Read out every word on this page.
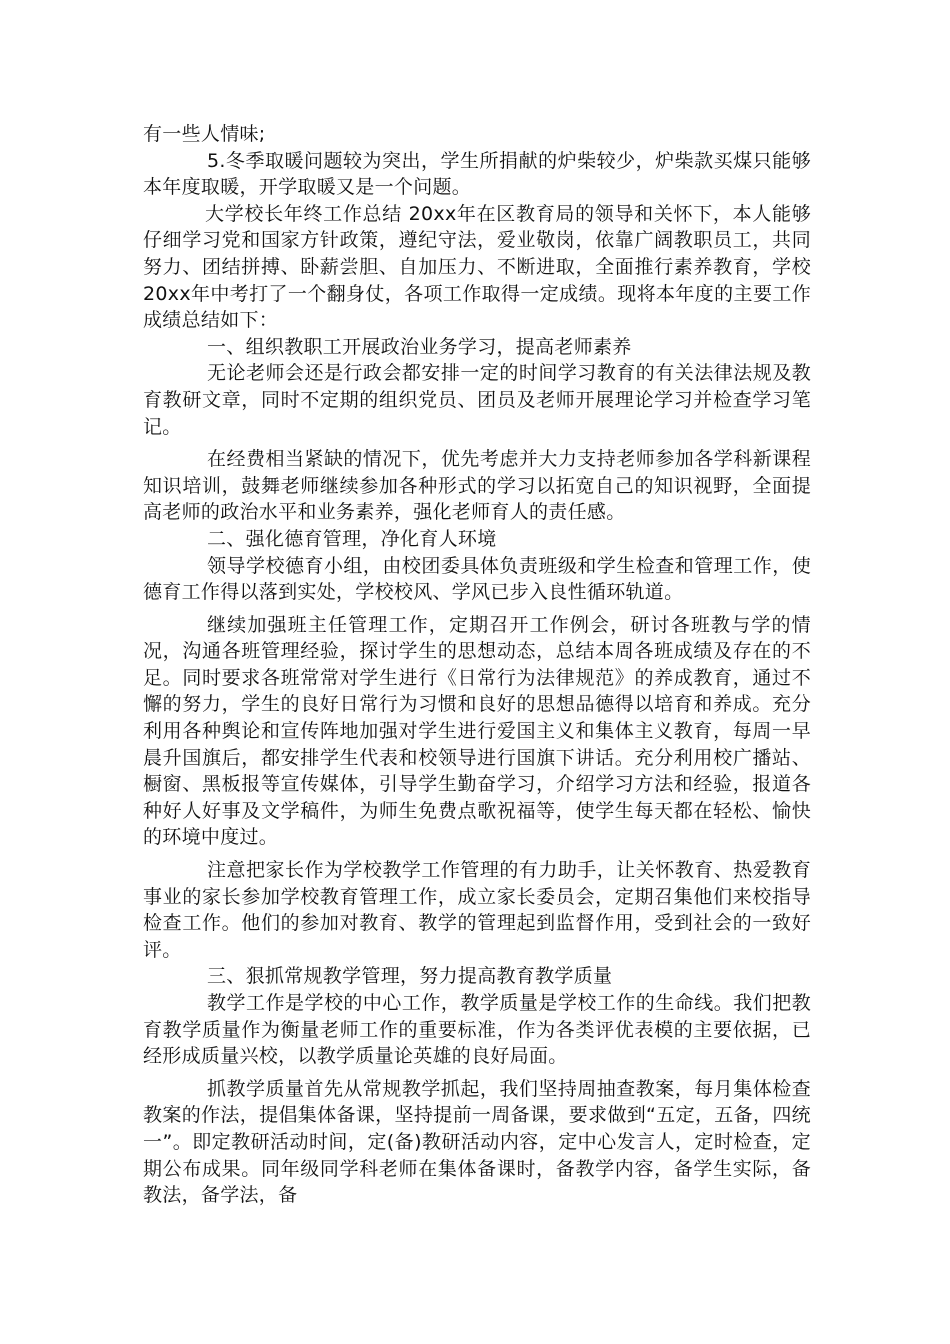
有一些人情味;

5.冬季取暖问题较为突出，学生所捐献的炉柴较少，炉柴款买煤只能够本年度取暖，开学取暖又是一个问题。

大学校长年终工作总结 20xx年在区教育局的领导和关怀下，本人能够仔细学习党和国家方针政策，遵纪守法，爱业敬岗，依靠广阔教职员工，共同努力、团结拼搏、卧薪尝胆、自加压力、不断进取，全面推行素养教育，学校20xx年中考打了一个翻身仗，各项工作取得一定成绩。现将本年度的主要工作成绩总结如下：

一、组织教职工开展政治业务学习，提高老师素养

无论老师会还是行政会都安排一定的时间学习教育的有关法律法规及教育教研文章，同时不定期的组织党员、团员及老师开展理论学习并检查学习笔记。

在经费相当紧缺的情况下，优先考虑并大力支持老师参加各学科新课程知识培训，鼓舞老师继续参加各种形式的学习以拓宽自己的知识视野，全面提高老师的政治水平和业务素养，强化老师育人的责任感。

二、强化德育管理，净化育人环境

领导学校德育小组，由校团委具体负责班级和学生检查和管理工作，使德育工作得以落到实处，学校校风、学风已步入良性循环轨道。

继续加强班主任管理工作，定期召开工作例会，研讨各班教与学的情况，沟通各班管理经验，探讨学生的思想动态，总结本周各班成绩及存在的不足。同时要求各班常常对学生进行《日常行为法律规范》的养成教育，通过不懈的努力，学生的良好日常行为习惯和良好的思想品德得以培育和养成。充分利用各种舆论和宣传阵地加强对学生进行爱国主义和集体主义教育，每周一早晨升国旗后，都安排学生代表和校领导进行国旗下讲话。充分利用校广播站、橱窗、黑板报等宣传媒体，引导学生勤奋学习，介绍学习方法和经验，报道各种好人好事及文学稿件，为师生免费点歌祝福等，使学生每天都在轻松、愉快的环境中度过。

注意把家长作为学校教学工作管理的有力助手，让关怀教育、热爱教育事业的家长参加学校教育管理工作，成立家长委员会，定期召集他们来校指导检查工作。他们的参加对教育、教学的管理起到监督作用，受到社会的一致好评。

三、狠抓常规教学管理，努力提高教育教学质量

教学工作是学校的中心工作，教学质量是学校工作的生命线。我们把教育教学质量作为衡量老师工作的重要标准，作为各类评优表模的主要依据，已经形成质量兴校，以教学质量论英雄的良好局面。

抓教学质量首先从常规教学抓起，我们坚持周抽查教案，每月集体检查教案的作法，提倡集体备课，坚持提前一周备课，要求做到“五定，五备，四统一”。即定教研活动时间，定(备)教研活动内容，定中心发言人，定时检查，定期公布成果。同年级同学科老师在集体备课时，备教学内容，备学生实际，备教法，备学法，备
